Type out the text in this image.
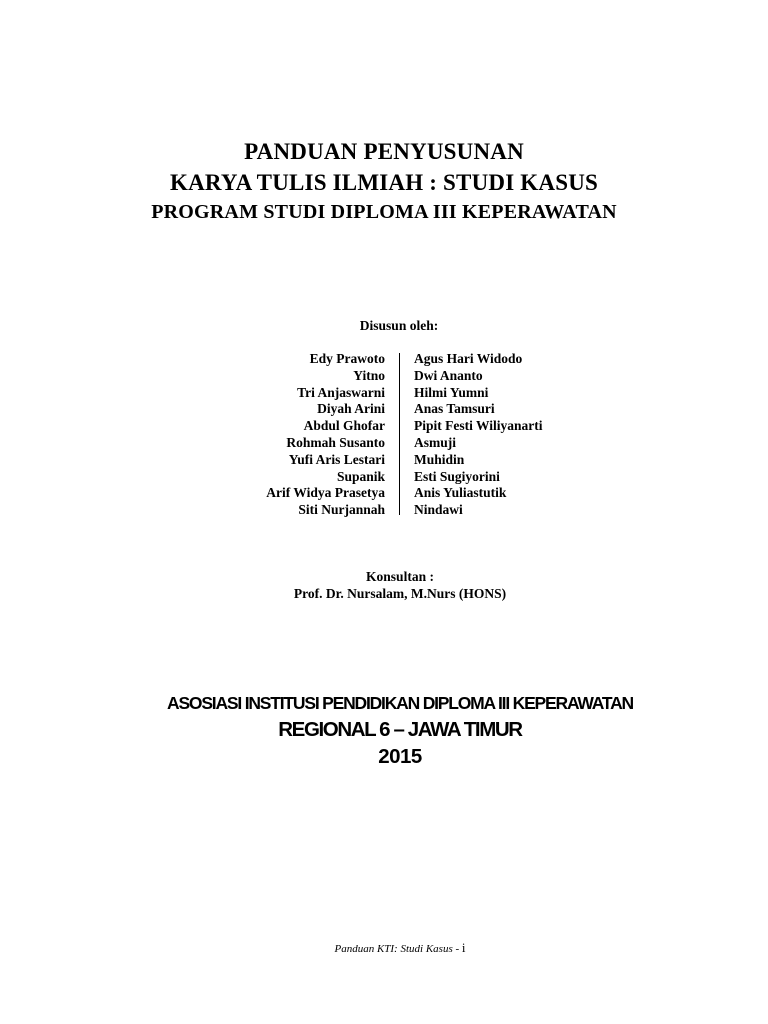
PANDUAN PENYUSUNAN
KARYA TULIS ILMIAH : STUDI KASUS
PROGRAM STUDI DIPLOMA III KEPERAWATAN
Disusun oleh:
Edy Prawoto Agus Hari Widodo
Yitno Dwi Ananto
Tri Anjaswarni Hilmi Yumni
Diyah Arini Anas Tamsuri
Abdul Ghofar Pipit Festi Wiliyanarti
Rohmah Susanto Asmuji
Yufi Aris Lestari Muhidin
Supanik Esti Sugiyorini
Arif Widya Prasetya Anis Yuliastutik
Siti Nurjannah Nindawi
Konsultan :
Prof. Dr. Nursalam, M.Nurs (HONS)
ASOSIASI INSTITUSI PENDIDIKAN DIPLOMA III KEPERAWATAN
REGIONAL 6 – JAWA TIMUR
2015
Panduan KTI: Studi Kasus - i
